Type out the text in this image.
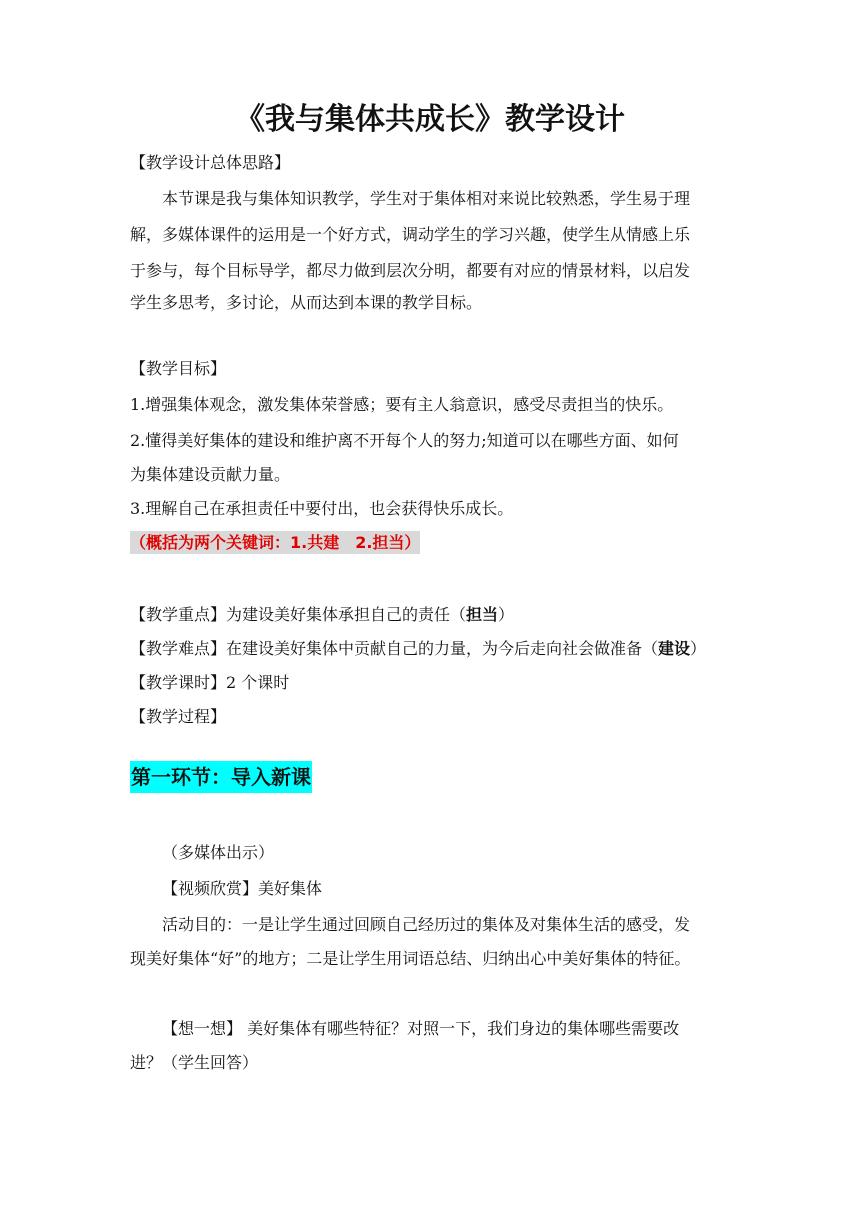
《我与集体共成长》教学设计
【教学设计总体思路】
本节课是我与集体知识教学，学生对于集体相对来说比较熟悉，学生易于理
解，多媒体课件的运用是一个好方式，调动学生的学习兴趣，使学生从情感上乐
于参与，每个目标导学，都尽力做到层次分明，都要有对应的情景材料，以启发
学生多思考，多讨论，从而达到本课的教学目标。
【教学目标】
1.增强集体观念，激发集体荣誉感；要有主人翁意识，感受尽责担当的快乐。
2.懂得美好集体的建设和维护离不开每个人的努力;知道可以在哪些方面、如何
为集体建设贡献力量。
3.理解自己在承担责任中要付出，也会获得快乐成长。
（概括为两个关键词：1.共建　2.担当）
【教学重点】为建设美好集体承担自己的责任（担当）
【教学难点】在建设美好集体中贡献自己的力量，为今后走向社会做准备（建设）
【教学课时】2 个课时
【教学过程】
第一环节：导入新课
（多媒体出示）
【视频欣赏】美好集体
活动目的：一是让学生通过回顾自己经历过的集体及对集体生活的感受，发
现美好集体“好”的地方；二是让学生用词语总结、归纳出心中美好集体的特征。
【想一想】 美好集体有哪些特征？对照一下，我们身边的集体哪些需要改
进？（学生回答）
